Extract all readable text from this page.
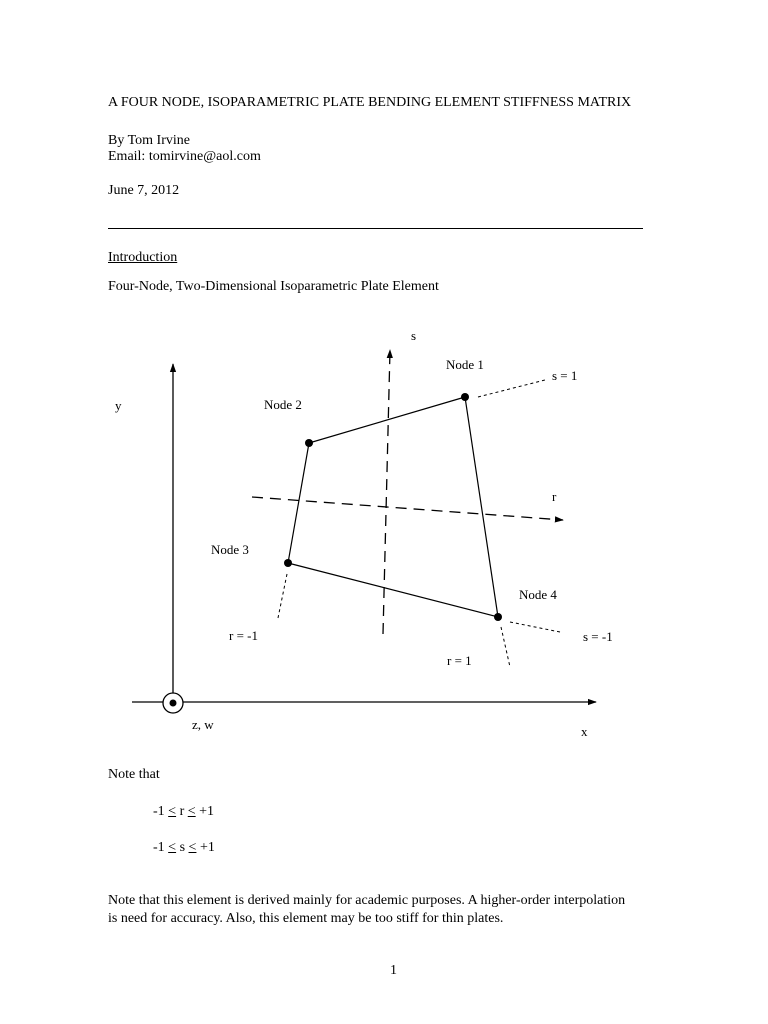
A FOUR NODE, ISOPARAMETRIC PLATE BENDING ELEMENT STIFFNESS MATRIX
By Tom Irvine
Email: tomirvine@aol.com
June 7, 2012
Introduction
Four-Node, Two-Dimensional Isoparametric Plate Element
s
Node 1
s = 1
y	Node 2
r
Node 3
Node 4
r = -1	s = -1
r = 1
z, w	x
Note that
-1 ≤ r ≤ +1
-1 ≤ s ≤ +1
Note that this element is derived mainly for academic purposes. A higher-order interpolation
is need for accuracy. Also, this element may be too stiff for thin plates.
1
